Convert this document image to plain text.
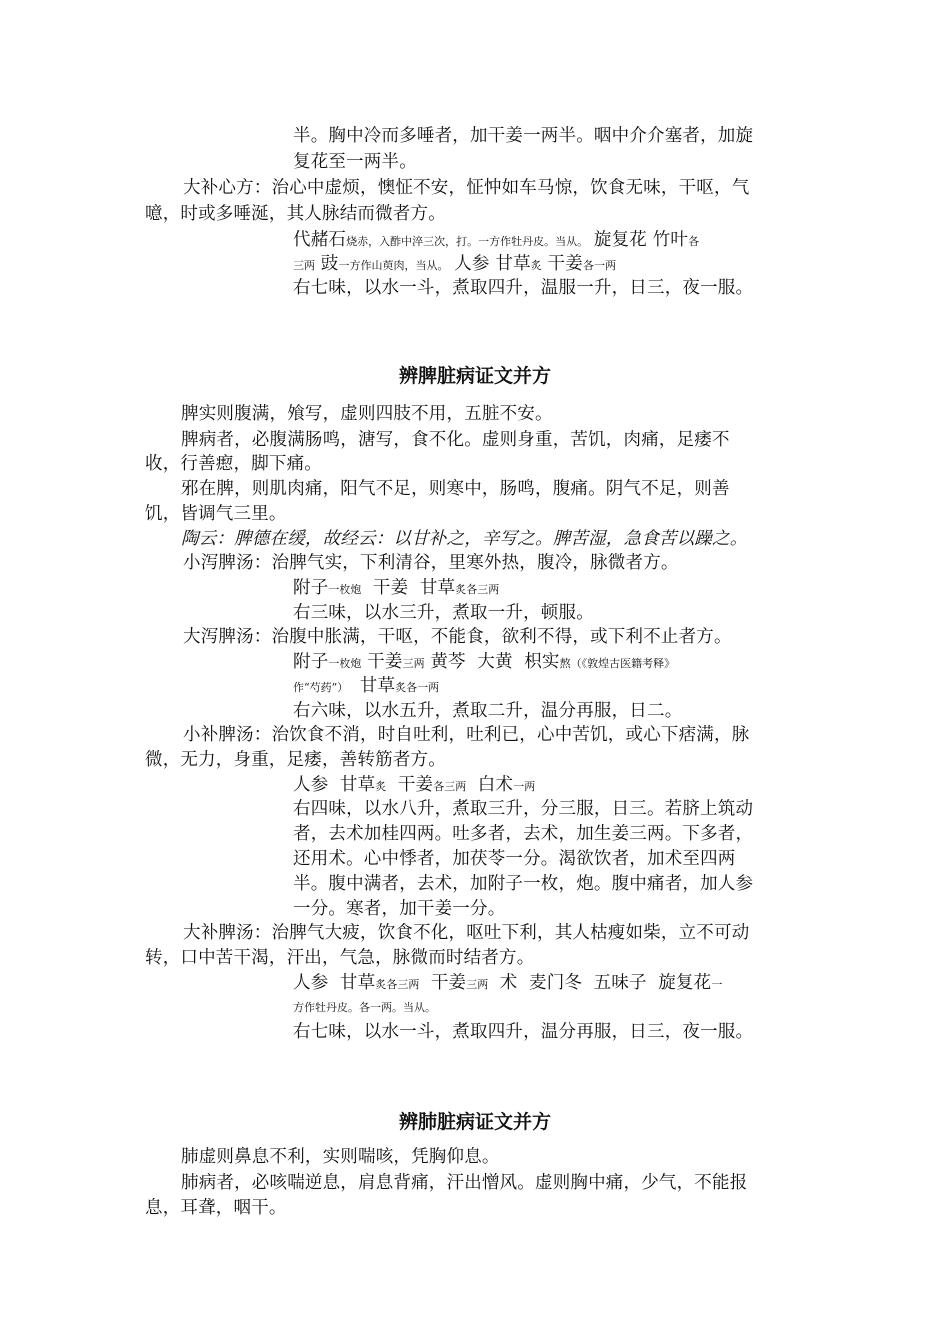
半。胸中冷而多唾者，加干姜一两半。咽中介介塞者，加旋
复花至一两半。
大补心方：治心中虚烦，懊怔不安，怔忡如车马惊，饮食无味，干呕，气
噫，时或多唾涎，其人脉结而微者方。
代赭石烧赤，入酢中淬三次，打。一方作牡丹皮。当从。 旋复花 竹叶各
三两 豉一方作山萸肉，当从。 人参 甘草炙 干姜各一两
右七味，以水一斗，煮取四升，温服一升，日三，夜一服。
辨脾脏病证文并方
脾实则腹满，飧写，虚则四肢不用，五脏不安。
脾病者，必腹满肠鸣，溏写，食不化。虚则身重，苦饥，肉痛，足痿不
收，行善瘛，脚下痛。
邪在脾，则肌肉痛，阳气不足，则寒中，肠鸣，腹痛。阴气不足，则善
饥，皆调气三里。
陶云：脾德在缓，故经云：以甘补之，辛写之。脾苦湿，急食苦以躁之。
小泻脾汤：治脾气实，下利清谷，里寒外热，腹冷，脉微者方。
附子一枚炮  干姜  甘草炙各三两
右三味，以水三升，煮取一升，顿服。
大泻脾汤：治腹中胀满，干呕，不能食，欲利不得，或下利不止者方。
附子一枚炮 干姜三两 黄芩  大黄  枳实熬（《敦煌古医籍考释》
作“芍药”）  甘草炙各一两
右六味，以水五升，煮取二升，温分再服，日二。
小补脾汤：治饮食不消，时自吐利，吐利已，心中苦饥，或心下痞满，脉
微，无力，身重，足痿，善转筋者方。
人参  甘草炙  干姜各三两  白术一两
右四味，以水八升，煮取三升，分三服，日三。若脐上筑动
者，去术加桂四两。吐多者，去术，加生姜三两。下多者，
还用术。心中悸者，加茯苓一分。渴欲饮者，加术至四两
半。腹中满者，去术，加附子一枚，炮。腹中痛者，加人参
一分。寒者，加干姜一分。
大补脾汤：治脾气大疲，饮食不化，呕吐下利，其人枯瘦如柴，立不可动
转，口中苦干渴，汗出，气急，脉微而时结者方。
人参  甘草炙各三两  干姜三两  术  麦门冬  五味子  旋复花一
方作牡丹皮。各一两。当从。
右七味，以水一斗，煮取四升，温分再服，日三，夜一服。
辨肺脏病证文并方
肺虚则鼻息不利，实则喘咳，凭胸仰息。
肺病者，必咳喘逆息，肩息背痛，汗出憎风。虚则胸中痛，少气，不能报
息，耳聋，咽干。
